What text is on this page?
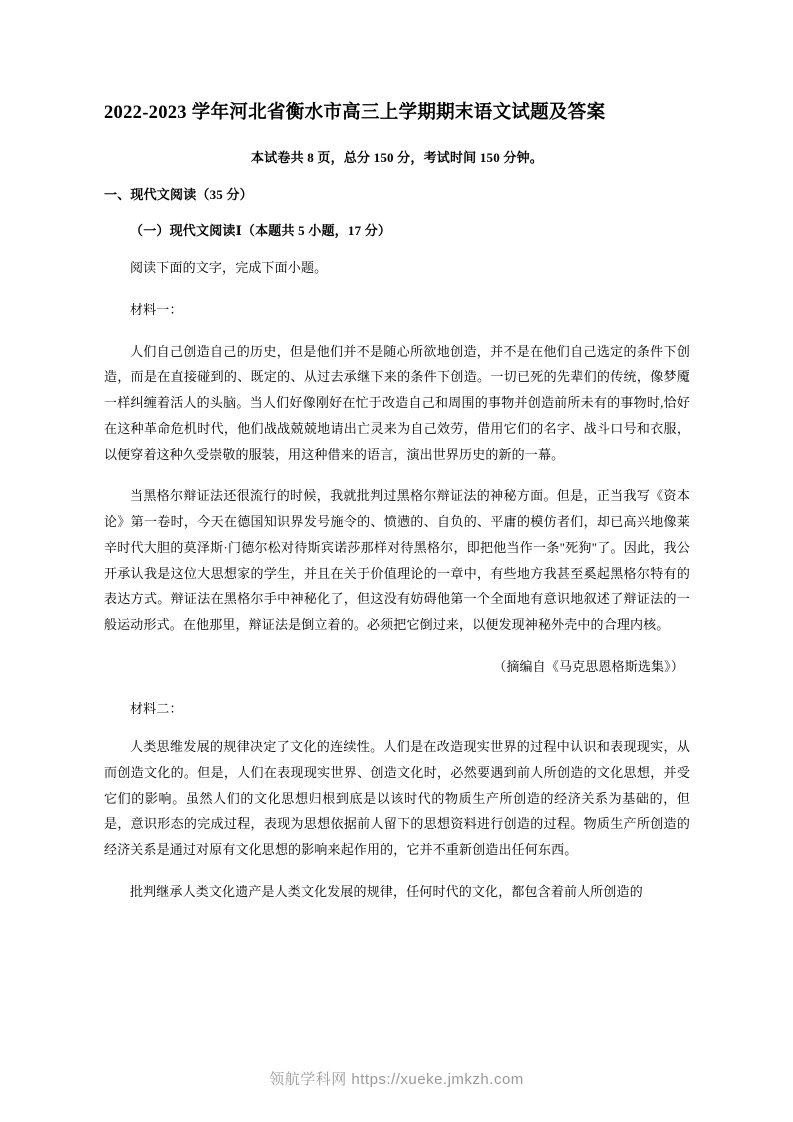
2022-2023 学年河北省衡水市高三上学期期末语文试题及答案
本试卷共 8 页，总分 150 分，考试时间 150 分钟。
一、现代文阅读（35 分）
（一）现代文阅读Ⅰ（本题共 5 小题，17 分）

阅读下面的文字，完成下面小题。

材料一：

人们自己创造自己的历史，但是他们并不是随心所欲地创造，并不是在他们自己选定的条件下创造，而是在直接碰到的、既定的、从过去承继下来的条件下创造。一切已死的先辈们的传统，像梦魇一样纠缠着活人的头脑。当人们好像刚好在忙于改造自己和周围的事物并创造前所未有的事物时,恰好在这种革命危机时代，他们战战兢兢地请出亡灵来为自己效劳，借用它们的名字、战斗口号和衣服，以便穿着这种久受崇敬的服装，用这种借来的语言，演出世界历史的新的一幕。

当黑格尔辩证法还很流行的时候，我就批判过黑格尔辩证法的神秘方面。但是，正当我写《资本论》第一卷时，今天在德国知识界发号施令的、愤懑的、自负的、平庸的模仿者们，却已高兴地像莱辛时代大胆的莫泽斯·门德尔松对待斯宾诺莎那样对待黑格尔，即把他当作一条"死狗"了。因此，我公开承认我是这位大思想家的学生，并且在关于价值理论的一章中，有些地方我甚至奚起黑格尔特有的表达方式。辩证法在黑格尔手中神秘化了，但这没有妨碍他第一个全面地有意识地叙述了辩证法的一般运动形式。在他那里，辩证法是倒立着的。必须把它倒过来，以便发现神秘外壳中的合理内核。

（摘编自《马克思恩格斯选集》）

材料二：

人类思维发展的规律决定了文化的连续性。人们是在改造现实世界的过程中认识和表现现实，从而创造文化的。但是，人们在表现现实世界、创造文化时，必然要遇到前人所创造的文化思想，并受它们的影响。虽然人们的文化思想归根到底是以该时代的物质生产所创造的经济关系为基础的，但是，意识形态的完成过程，表现为思想依据前人留下的思想资料进行创造的过程。物质生产所创造的经济关系是通过对原有文化思想的影响来起作用的，它并不重新创造出任何东西。

批判继承人类文化遗产是人类文化发展的规律，任何时代的文化，都包含着前人所创造的

领航学科网 https://xueke.jmkzh.com
